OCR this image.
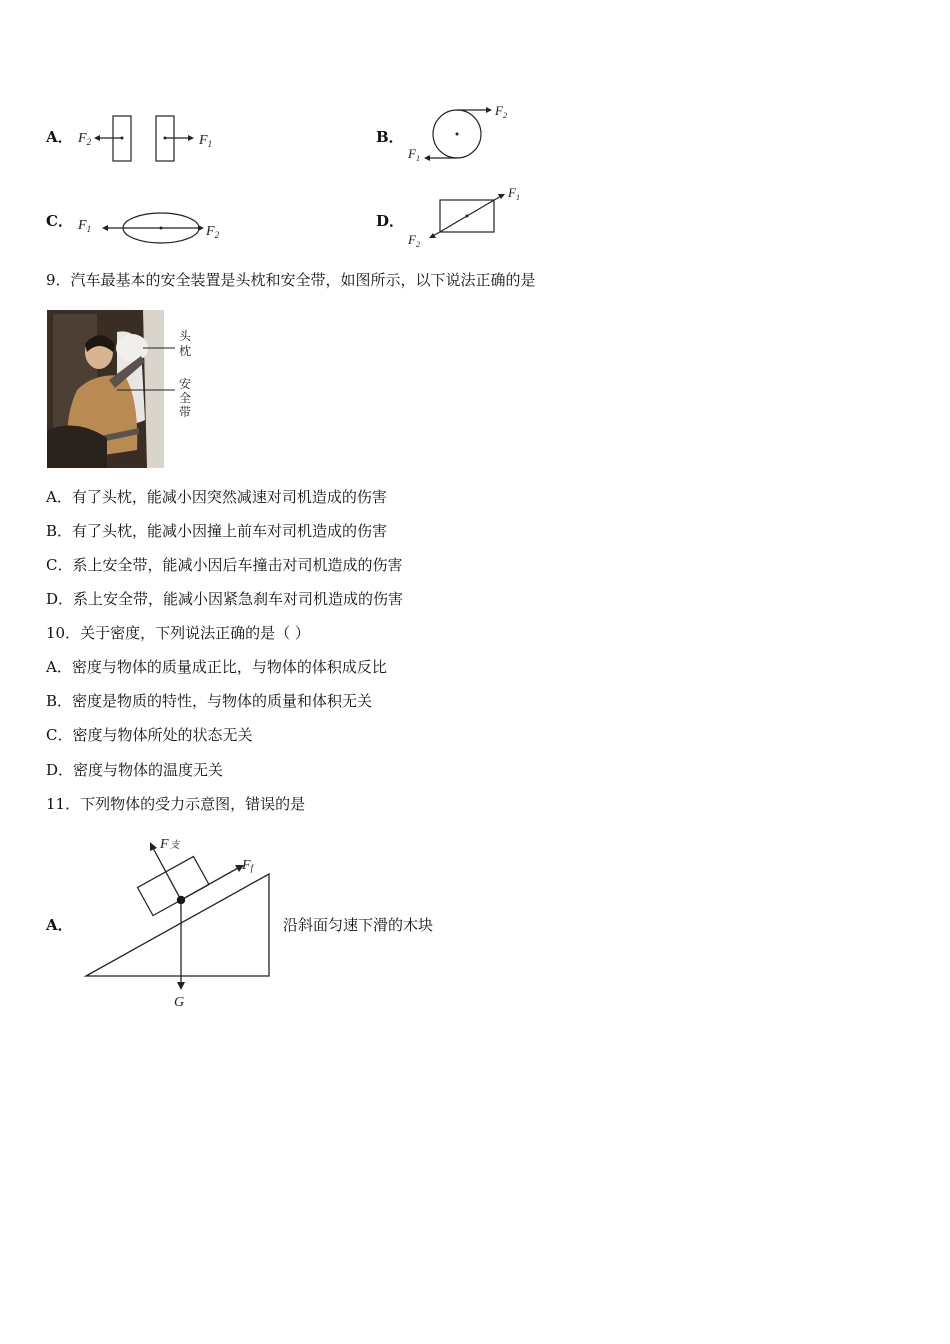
A． $F_2$	$F_1$	B．
$F_2$
$F_1$
C． $F_1$	$F_2$
D．
$F_1$
$F_2$
9．汽车最基本的安全装置是头枕和安全带，如图所示，以下说法正确的是
头 枕
安 全 带
A．有了头枕，能减小因突然减速对司机造成的伤害
B．有了头枕，能减小因撞上前车对司机造成的伤害
C．系上安全带，能减小因后车撞击对司机造成的伤害
D．系上安全带，能减小因紧急刹车对司机造成的伤害
10．关于密度，下列说法正确的是（ ）
A．密度与物体的质量成正比，与物体的体积成反比
B．密度是物质的特性，与物体的质量和体积无关
C．密度与物体所处的状态无关
D．密度与物体的温度无关
11．下列物体的受力示意图，错误的是
A．
F支
Ff
G
沿斜面匀速下滑的木块
